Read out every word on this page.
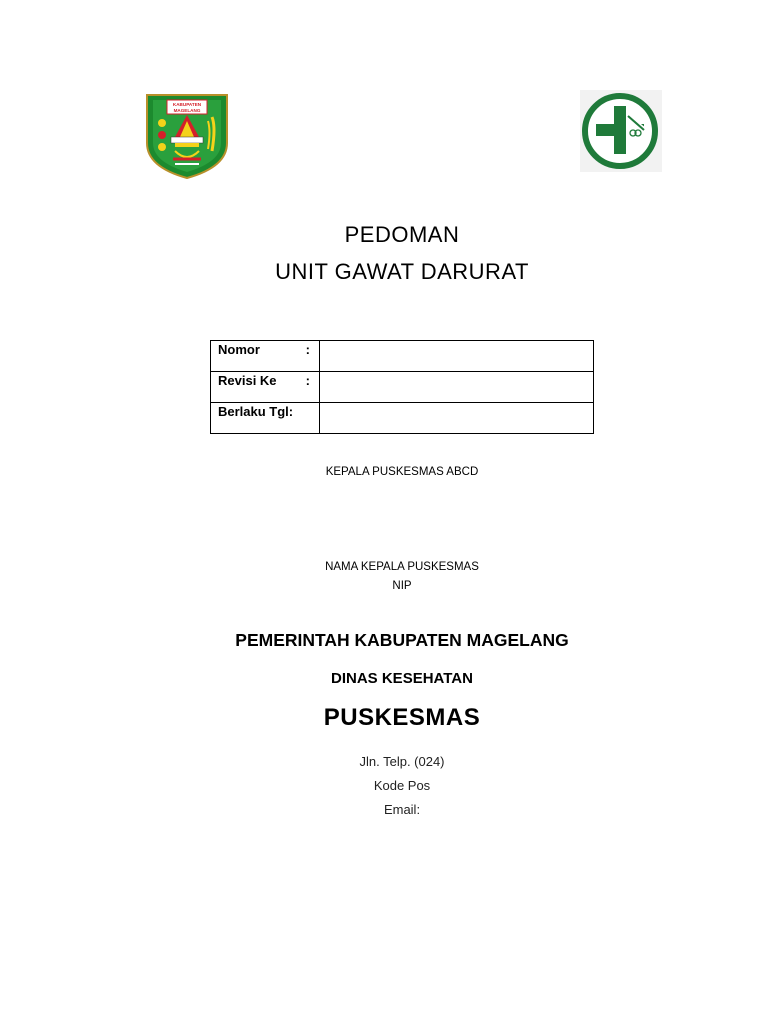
KABUPATEN
MAGELANG
PEDOMAN
UNIT GAWAT DARURAT
Nomor :	

Revisi Ke :	

Berlaku Tgl:	

KEPALA PUSKESMAS ABCD
NAMA KEPALA PUSKESMAS
NIP
PEMERINTAH KABUPATEN MAGELANG
DINAS KESEHATAN
PUSKESMAS
Jln. Telp. (024)
Kode Pos
Email:
